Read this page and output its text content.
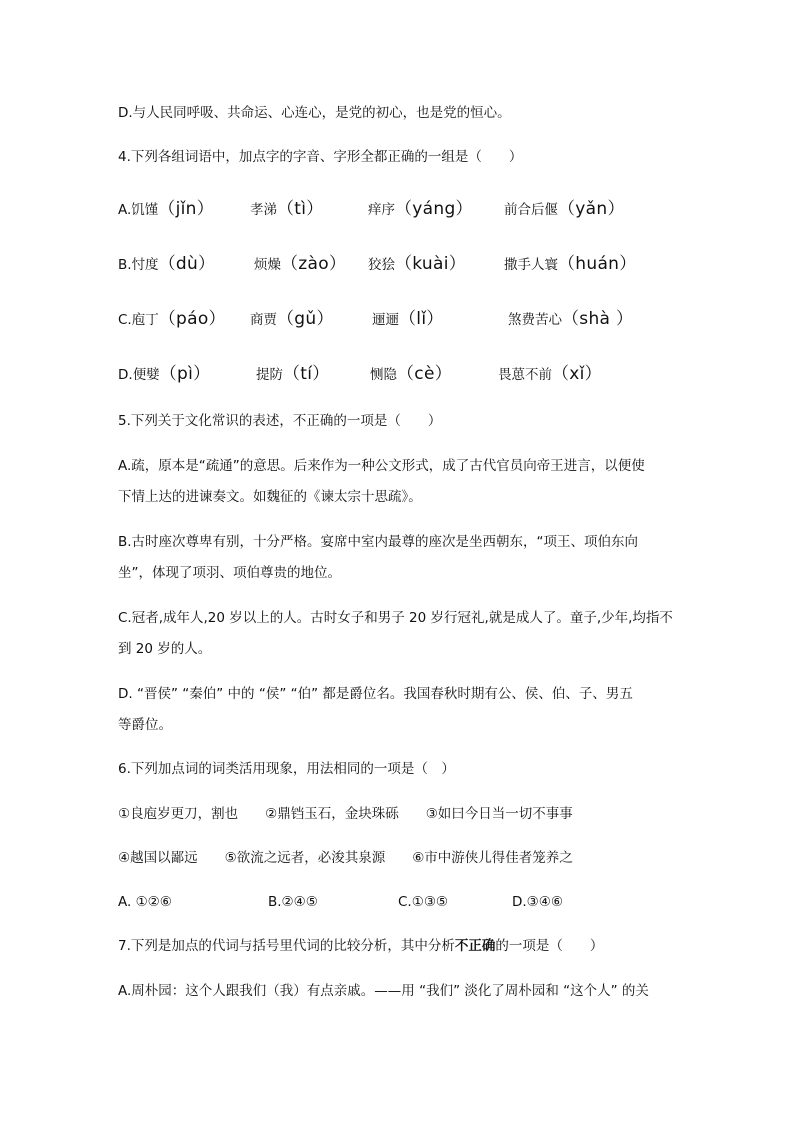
D.与人民同呼吸、共命运、心连心，是党的初心，也是党的恒心。
4.下列各组词语中，加点字的字音、字形全都正确的一组是（　　）
A.饥馑（jǐn）	孝涕（tì）	痒序（yáng） 前合后偃（yǎn）
B.忖度（dù）	烦燥（zào） 狡狯（kuài）	撒手人寰（huán）
C.庖丁（páo） 商贾（gǔ）	逦逦（lǐ）	煞费苦心（shà ）
D.便嬖（pì）	提防（tí）	恻隐（cè）	畏葸不前（xǐ）
5.下列关于文化常识的表述，不正确的一项是（　　）
A.疏，原本是“疏通”的意思。后来作为一种公文形式，成了古代官员向帝王进言，以便使
下情上达的进谏奏文。如魏征的《谏太宗十思疏》。
B.古时座次尊卑有别，十分严格。宴席中室内最尊的座次是坐西朝东，“项王、项伯东向
坐”，体现了项羽、项伯尊贵的地位。
C.冠者,成年人,20 岁以上的人。古时女子和男子 20 岁行冠礼,就是成人了。童子,少年,均指不
到 20 岁的人。
D. “晋侯” “秦伯” 中的 “侯” “伯” 都是爵位名。我国春秋时期有公、侯、伯、子、男五
等爵位。
6.下列加点词的词类活用现象，用法相同的一项是（　）
①良庖岁更刀，割也　　②鼎铛玉石，金块珠砾　　③如曰今日当一切不事事
④越国以鄙远　　⑤欲流之远者，必浚其泉源　　⑥市中游侠儿得佳者笼养之
A. ①②⑥	B.②④⑤	C.①③⑤	D.③④⑥
7.下列是加点的代词与括号里代词的比较分析，其中分析不正确的一项是（　　）
A.周朴园：这个人跟我们（我）有点亲戚。——用 “我们” 淡化了周朴园和 “这个人” 的关
